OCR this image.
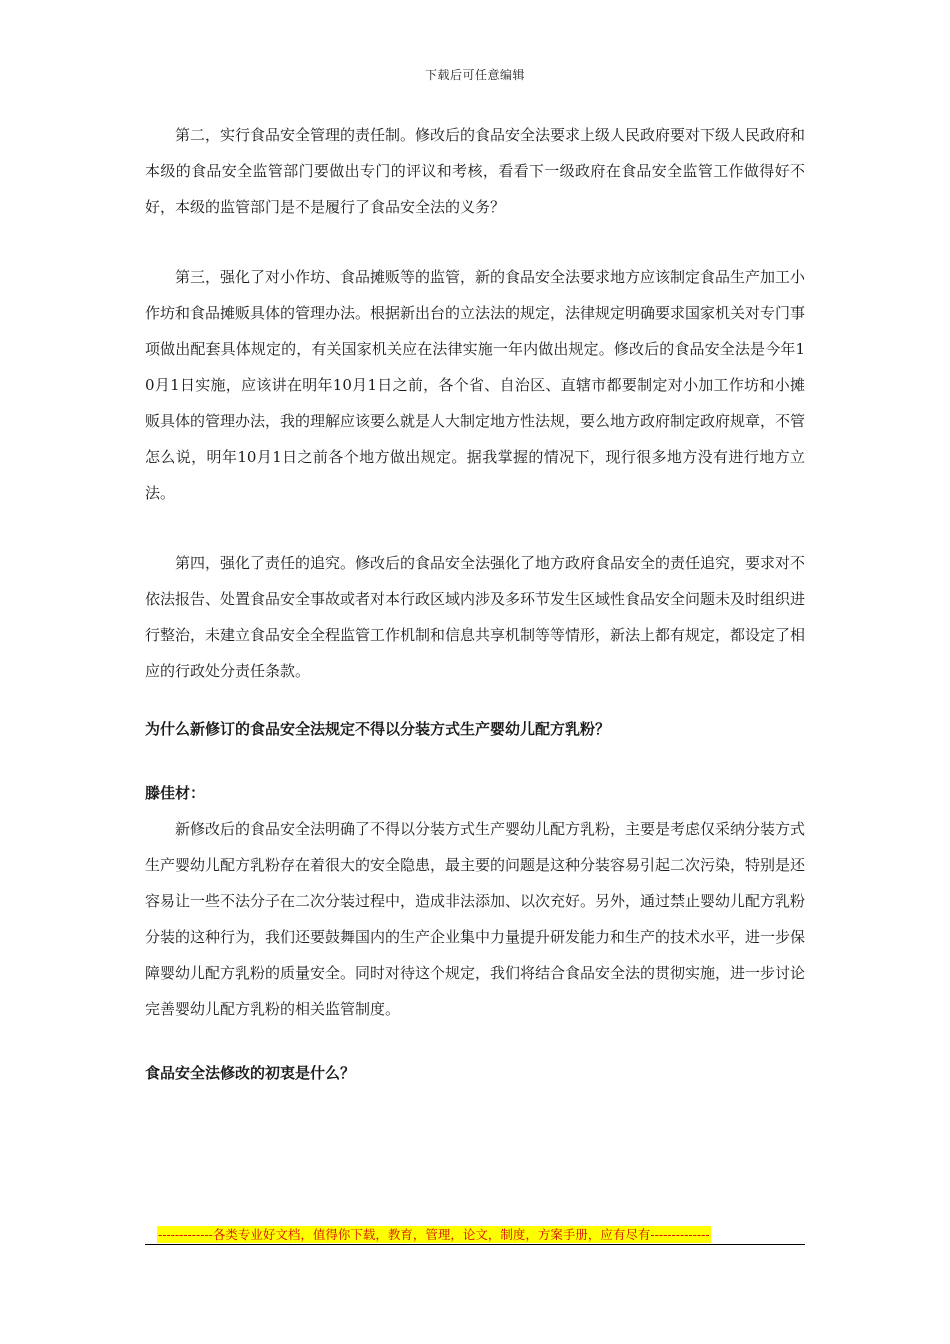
下载后可任意编辑

第二，实行食品安全管理的责任制。修改后的食品安全法要求上级人民政府要对下级人民政府和本级的食品安全监管部门要做出专门的评议和考核，看看下一级政府在食品安全监管工作做得好不好，本级的监管部门是不是履行了食品安全法的义务？

第三，强化了对小作坊、食品摊贩等的监管，新的食品安全法要求地方应该制定食品生产加工小作坊和食品摊贩具体的管理办法。根据新出台的立法法的规定，法律规定明确要求国家机关对专门事项做出配套具体规定的，有关国家机关应在法律实施一年内做出规定。修改后的食品安全法是今年10月1日实施，应该讲在明年10月1日之前，各个省、自治区、直辖市都要制定对小加工作坊和小摊贩具体的管理办法，我的理解应该要么就是人大制定地方性法规，要么地方政府制定政府规章，不管怎么说，明年10月1日之前各个地方做出规定。据我掌握的情况下，现行很多地方没有进行地方立法。

第四，强化了责任的追究。修改后的食品安全法强化了地方政府食品安全的责任追究，要求对不依法报告、处置食品安全事故或者对本行政区域内涉及多环节发生区域性食品安全问题未及时组织进行整治，未建立食品安全全程监管工作机制和信息共享机制等等情形，新法上都有规定，都设定了相应的行政处分责任条款。

为什么新修订的食品安全法规定不得以分装方式生产婴幼儿配方乳粉？

滕佳材：

新修改后的食品安全法明确了不得以分装方式生产婴幼儿配方乳粉，主要是考虑仅采纳分装方式生产婴幼儿配方乳粉存在着很大的安全隐患，最主要的问题是这种分装容易引起二次污染，特别是还容易让一些不法分子在二次分装过程中，造成非法添加、以次充好。另外，通过禁止婴幼儿配方乳粉分装的这种行为，我们还要鼓舞国内的生产企业集中力量提升研发能力和生产的技术水平，进一步保障婴幼儿配方乳粉的质量安全。同时对待这个规定，我们将结合食品安全法的贯彻实施，进一步讨论完善婴幼儿配方乳粉的相关监管制度。

食品安全法修改的初衷是什么？

-------------各类专业好文档，值得你下载，教育，管理，论文，制度，方案手册，应有尽有--------------
